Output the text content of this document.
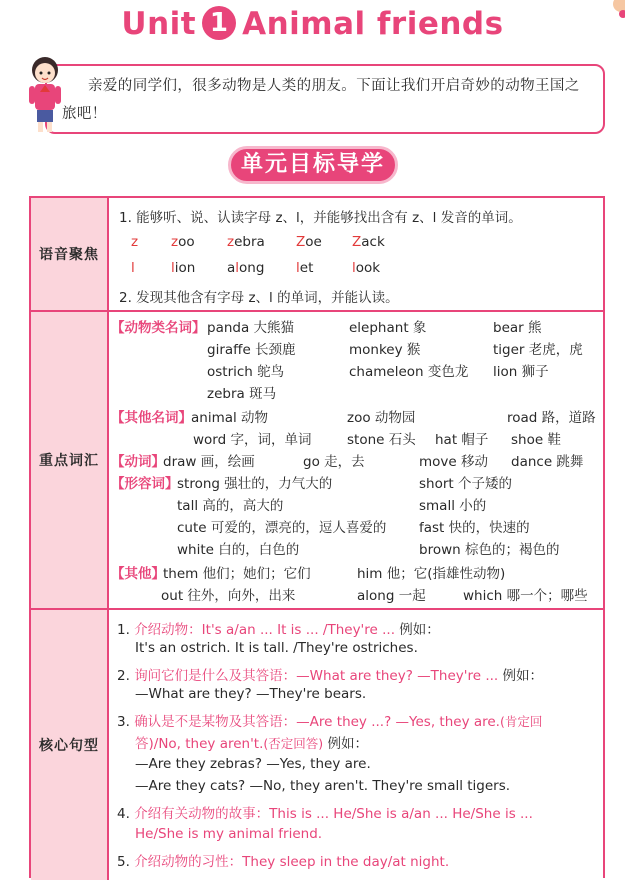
Unit 1 Animal friends
亲爱的同学们，很多动物是人类的朋友。下面让我们开启奇妙的动物王国之旅吧！
单元目标导学
语音聚焦
1. 能够听、说、认读字母 z、l，并能够找出含有 z、l 发音的单词。
z zoo zebra Zoe Zack
l	lion along let	look
2. 发现其他含有字母 z、l 的单词，并能认读。
重点词汇
【动物类名词】 panda 大熊猫	elephant 象	bear 熊
giraffe 长颈鹿	monkey 猴	tiger 老虎，虎
ostrich 鸵鸟	chameleon 变色龙 lion 狮子
zebra 斑马
【其他名词】 animal 动物	zoo 动物园	road 路，道路
word 字，词，单词	stone 石头 hat 帽子 shoe 鞋
【动词】
draw 画，绘画	go 走，去	move 移动 dance 跳舞
【形容词】
strong 强壮的，力气大的	short 个子矮的
tall 高的，高大的	small 小的
cute 可爱的，漂亮的，逗人喜爱的 fast 快的，快速的
white 白的，白色的	brown 棕色的；褐色的
【其他】
them 他们；她们；它们	him 他；它(指雄性动物)
out 往外，向外，出来	along 一起	which 哪一个；哪些
核心句型
1. 介绍动物：It's a/an ... It is ... /They're ... 例如：
It's an ostrich. It is tall. /They're ostriches.
2. 询问它们是什么及其答语：—What are they? —They're ... 例如：
—What are they? —They're bears.
3. 确认是不是某物及其答语：—Are they ...? —Yes, they are.(肯定回
答)/No, they aren't.(否定回答) 例如：
—Are they zebras? —Yes, they are.
—Are they cats? —No, they aren't. They're small tigers.
4. 介绍有关动物的故事：This is ... He/She is a/an ... He/She is ...
He/She is my animal friend.
5. 介绍动物的习性：They sleep in the day/at night.
